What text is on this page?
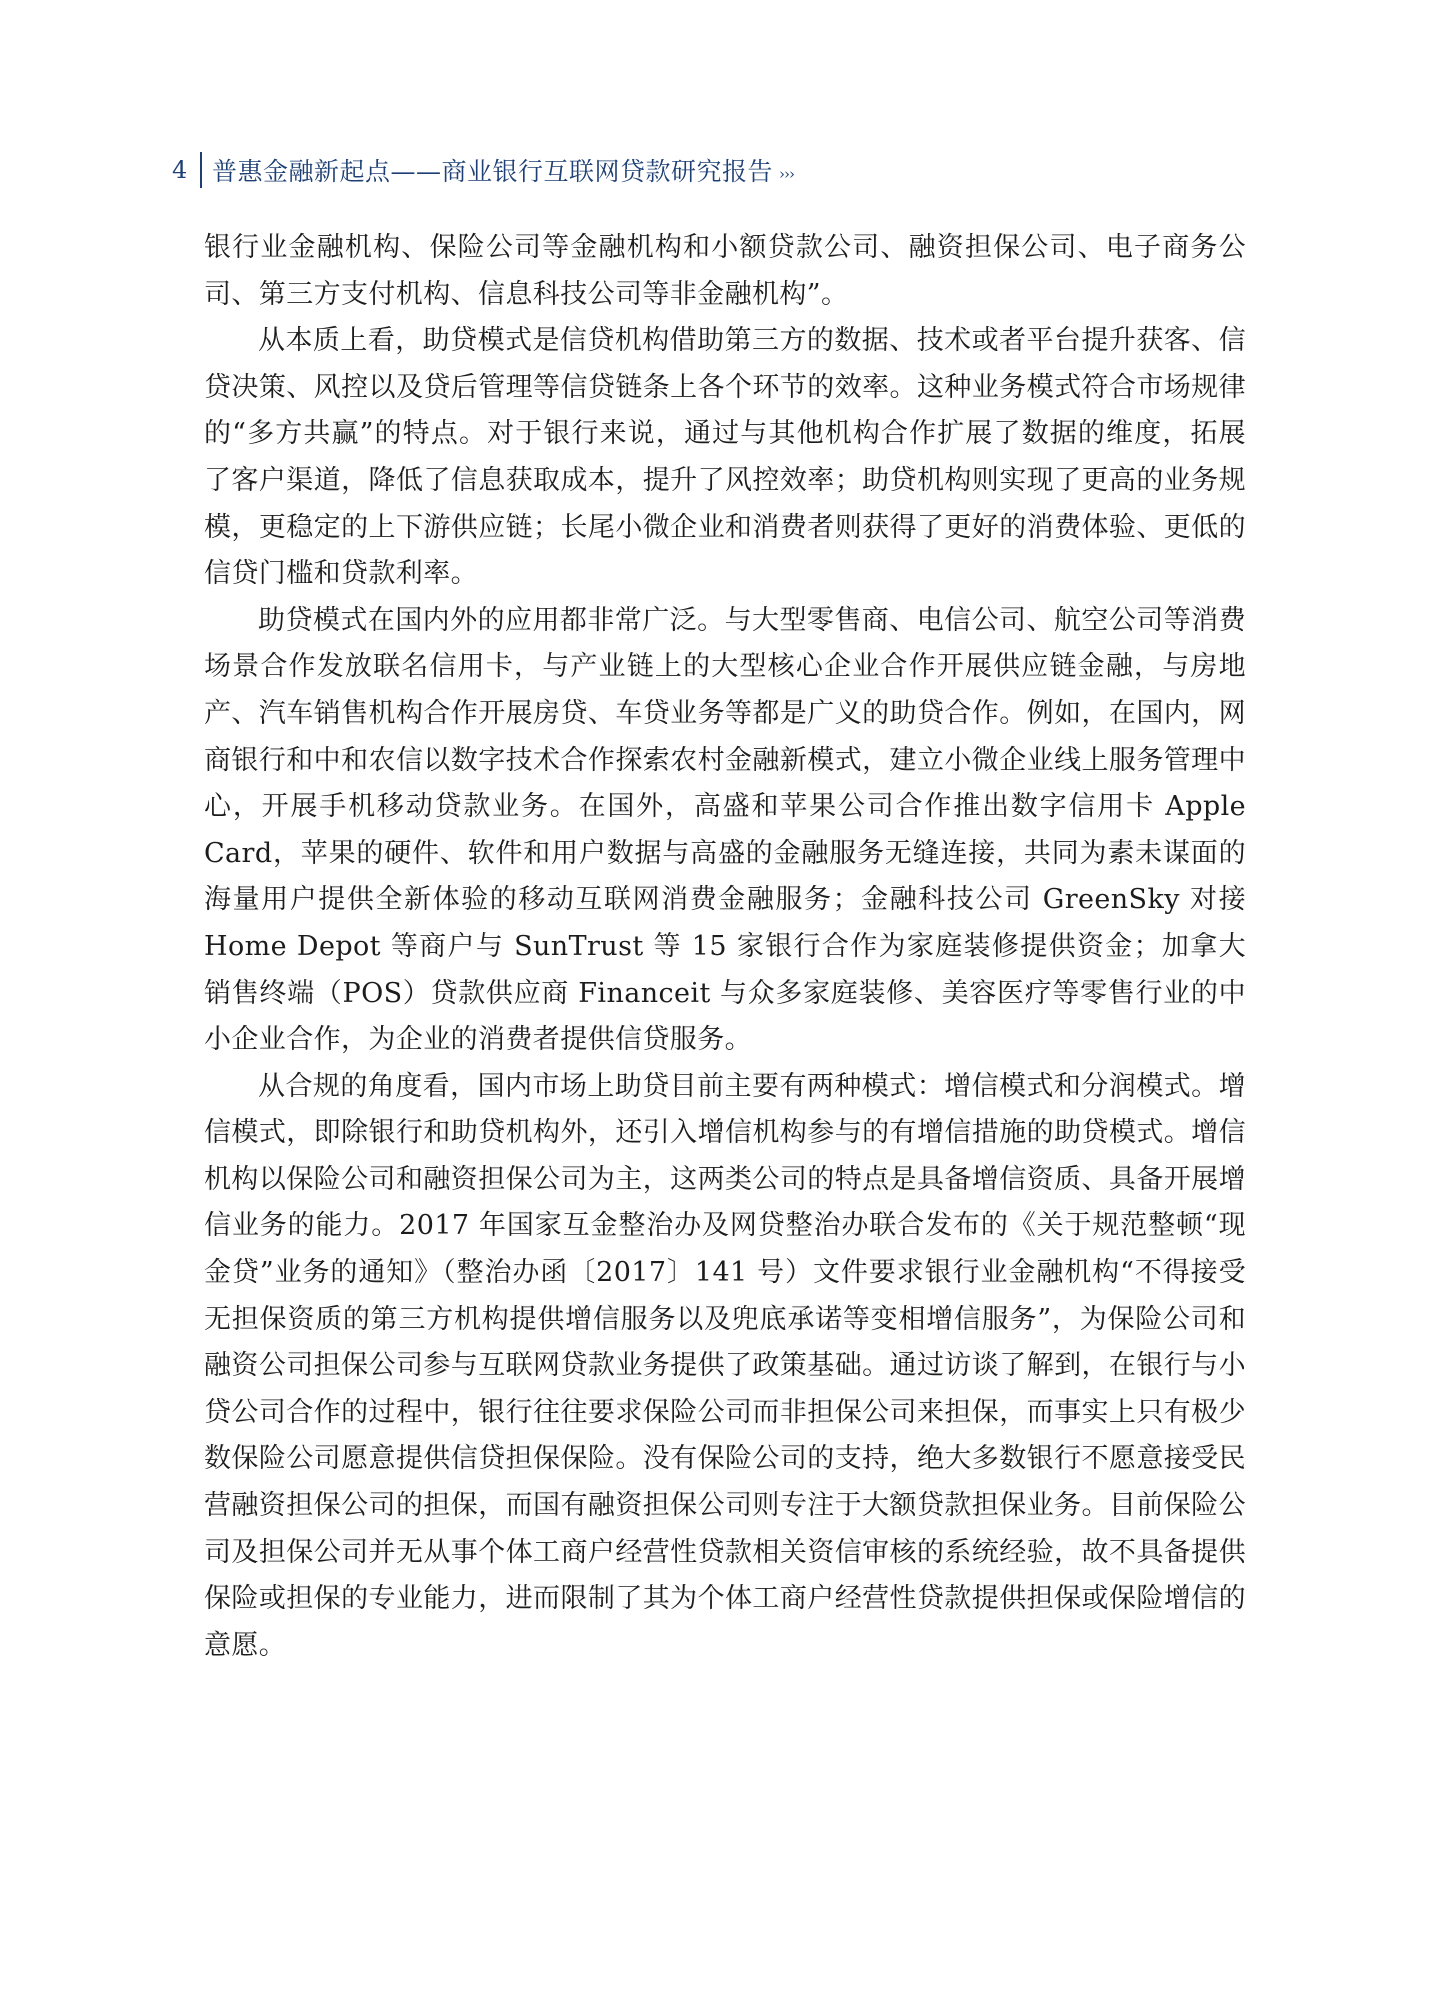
4 普惠金融新起点——商业银行互联网贷款研究报告 ›››

银行业金融机构、保险公司等金融机构和小额贷款公司、融资担保公司、电子商务公司、第三方支付机构、信息科技公司等非金融机构”。

从本质上看，助贷模式是信贷机构借助第三方的数据、技术或者平台提升获客、信贷决策、风控以及贷后管理等信贷链条上各个环节的效率。这种业务模式符合市场规律的“多方共赢”的特点。对于银行来说，通过与其他机构合作扩展了数据的维度，拓展了客户渠道，降低了信息获取成本，提升了风控效率；助贷机构则实现了更高的业务规模，更稳定的上下游供应链；长尾小微企业和消费者则获得了更好的消费体验、更低的信贷门槛和贷款利率。

助贷模式在国内外的应用都非常广泛。与大型零售商、电信公司、航空公司等消费场景合作发放联名信用卡，与产业链上的大型核心企业合作开展供应链金融，与房地产、汽车销售机构合作开展房贷、车贷业务等都是广义的助贷合作。例如，在国内，网商银行和中和农信以数字技术合作探索农村金融新模式，建立小微企业线上服务管理中心，开展手机移动贷款业务。在国外，高盛和苹果公司合作推出数字信用卡 Apple Card，苹果的硬件、软件和用户数据与高盛的金融服务无缝连接，共同为素未谋面的海量用户提供全新体验的移动互联网消费金融服务；金融科技公司 GreenSky 对接 Home Depot 等商户与 SunTrust 等 15 家银行合作为家庭装修提供资金；加拿大销售终端（POS）贷款供应商 Financeit 与众多家庭装修、美容医疗等零售行业的中小企业合作，为企业的消费者提供信贷服务。

从合规的角度看，国内市场上助贷目前主要有两种模式：增信模式和分润模式。增信模式，即除银行和助贷机构外，还引入增信机构参与的有增信措施的助贷模式。增信机构以保险公司和融资担保公司为主，这两类公司的特点是具备增信资质、具备开展增信业务的能力。2017 年国家互金整治办及网贷整治办联合发布的《关于规范整顿“现金贷”业务的通知》（整治办函〔2017〕141 号）文件要求银行业金融机构“不得接受无担保资质的第三方机构提供增信服务以及兜底承诺等变相增信服务”，为保险公司和融资公司担保公司参与互联网贷款业务提供了政策基础。通过访谈了解到，在银行与小贷公司合作的过程中，银行往往要求保险公司而非担保公司来担保，而事实上只有极少数保险公司愿意提供信贷担保保险。没有保险公司的支持，绝大多数银行不愿意接受民营融资担保公司的担保，而国有融资担保公司则专注于大额贷款担保业务。目前保险公司及担保公司并无从事个体工商户经营性贷款相关资信审核的系统经验，故不具备提供保险或担保的专业能力，进而限制了其为个体工商户经营性贷款提供担保或保险增信的意愿。
